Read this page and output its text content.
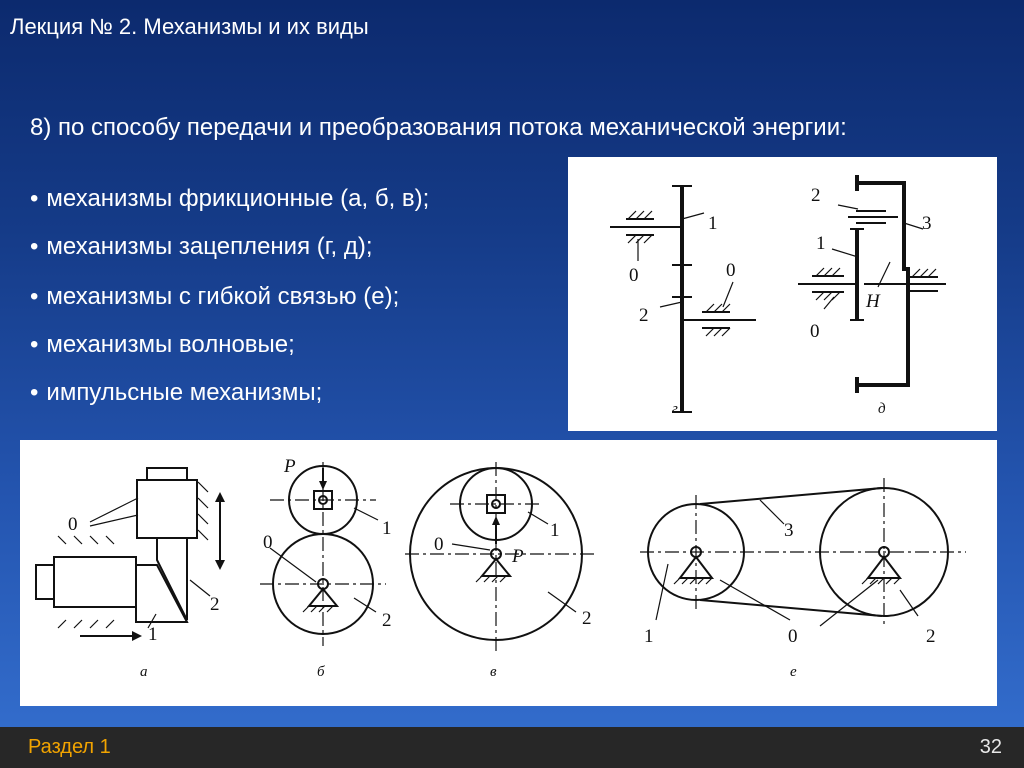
Лекция № 2. Механизмы и их виды
8) по способу передачи и преобразования потока механической энергии:
• механизмы фрикционные (а, б, в);
• механизмы зацепления (г, д);
• механизмы с гибкой связью (е);
• механизмы волновые;
• импульсные механизмы;
1
0	0
2
г
2
3
1
H
0
д
0
2
1
а
P
1
0
2
б
0
1
P
2
в
3
1	0	2
е
Раздел 1	32
